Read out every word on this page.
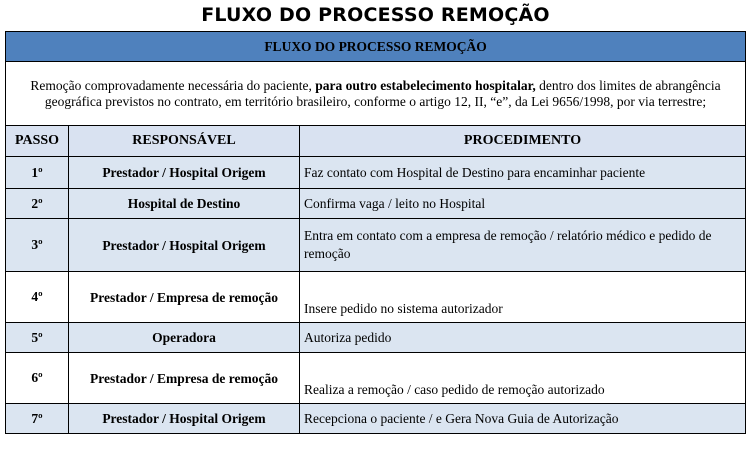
FLUXO DO PROCESSO REMOÇÃO
FLUXO DO PROCESSO REMOÇÃO		
Remoção comprovadamente necessária do paciente, para outro estabelecimento hospitalar, dentro dos limites de abrangência geográfica previstos no contrato, em território brasileiro, conforme o artigo 12, II, “e”, da Lei 9656/1998, por via terrestre;		
PASSO	RESPONSÁVEL	PROCEDIMENTO
1º	Prestador / Hospital Origem	Faz contato com Hospital de Destino para encaminhar paciente
2º	Hospital de Destino	Confirma vaga / leito no Hospital
3º	Prestador / Hospital Origem	Entra em contato com a empresa de remoção / relatório médico e pedido de remoção
4º	Prestador / Empresa de remoção	Insere pedido no sistema autorizador
5º	Operadora	Autoriza pedido
6º	Prestador / Empresa de remoção	Realiza a remoção / caso pedido de remoção autorizado
7º	Prestador / Hospital Origem	Recepciona o paciente / e Gera Nova Guia de Autorização
